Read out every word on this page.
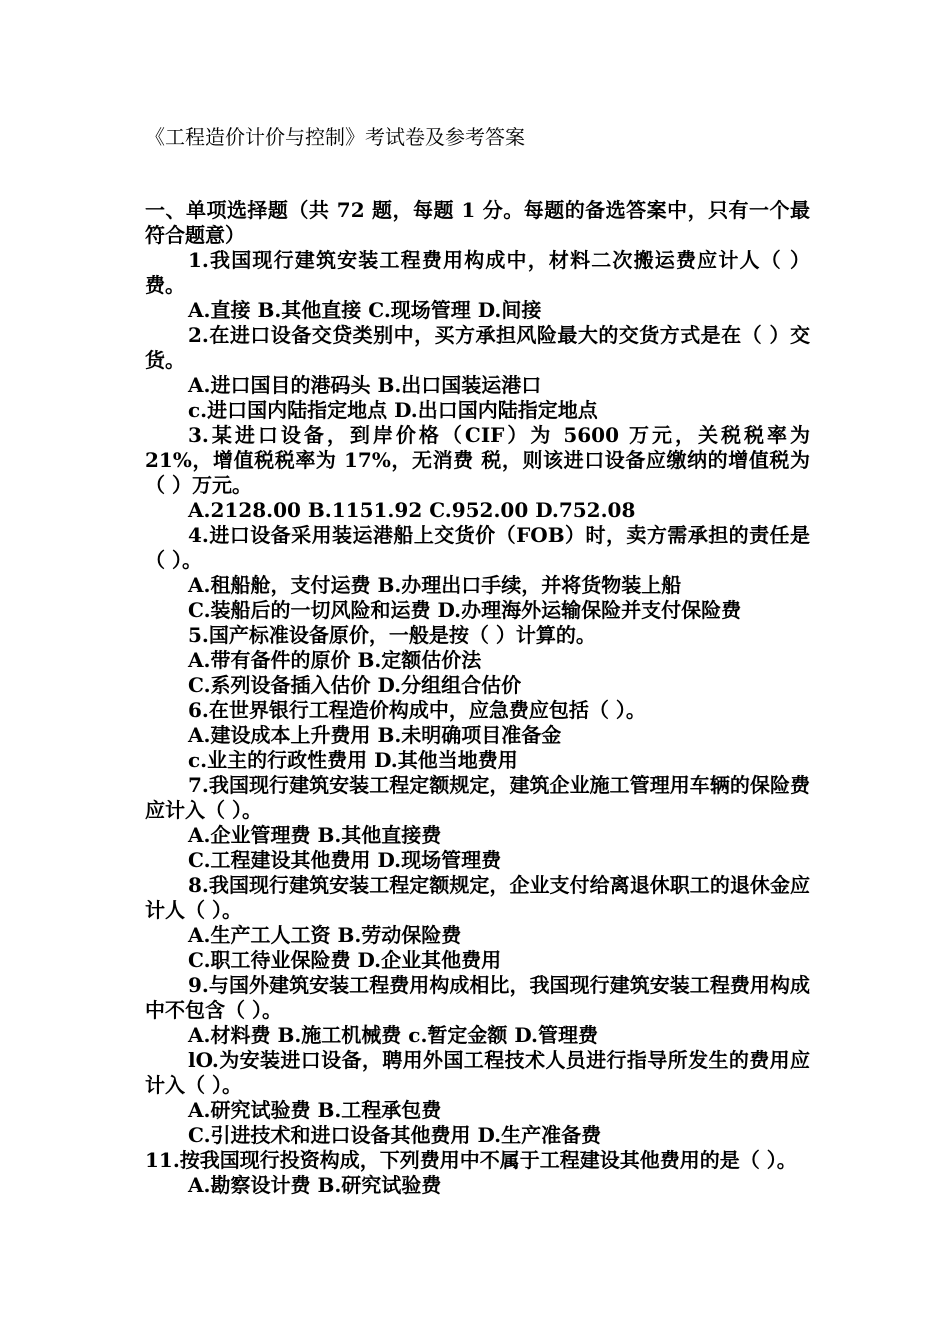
《工程造价计价与控制》考试卷及参考答案

一、单项选择题（共 72 题，每题 1 分。每题的备选答案中，只有一个最符合题意）

1.我国现行建筑安装工程费用构成中，材料二次搬运费应计人（ ）费。

A.直接 B.其他直接 C.现场管理 D.间接

2.在进口设备交贷类别中，买方承担风险最大的交货方式是在（ ）交货。

A.进口国目的港码头 B.出口国装运港口

c.进口国内陆指定地点 D.出口国内陆指定地点

3.某进口设备，到岸价格（CIF）为 5600 万元，关税税率为 21%，增值税税率为 17%，无消费 税，则该进口设备应缴纳的增值税为（ ）万元。

A.2128.00 B.1151.92 C.952.00 D.752.08

4.进口设备采用装运港船上交货价（FOB）时，卖方需承担的责任是（ ）。

A.租船舱，支付运费 B.办理出口手续，并将货物装上船

C.装船后的一切风险和运费 D.办理海外运输保险并支付保险费

5.国产标准设备原价，一般是按（ ）计算的。

A.带有备件的原价 B.定额估价法

C.系列设备插入估价 D.分组组合估价

6.在世界银行工程造价构成中，应急费应包括（ ）。

A.建设成本上升费用 B.未明确项目准备金

c.业主的行政性费用 D.其他当地费用

7.我国现行建筑安装工程定额规定，建筑企业施工管理用车辆的保险费应计入（ ）。

A.企业管理费 B.其他直接费

C.工程建设其他费用 D.现场管理费

8.我国现行建筑安装工程定额规定，企业支付给离退休职工的退休金应计人（ ）。

A.生产工人工资 B.劳动保险费

C.职工待业保险费 D.企业其他费用

9.与国外建筑安装工程费用构成相比，我国现行建筑安装工程费用构成中不包含（ ）。

A.材料费 B.施工机械费 c.暂定金额 D.管理费

lO.为安装进口设备，聘用外国工程技术人员进行指导所发生的费用应计入（ ）。

A.研究试验费 B.工程承包费

C.引进技术和进口设备其他费用 D.生产准备费

11.按我国现行投资构成，下列费用中不属于工程建设其他费用的是（ ）。

A.勘察设计费 B.研究试验费
